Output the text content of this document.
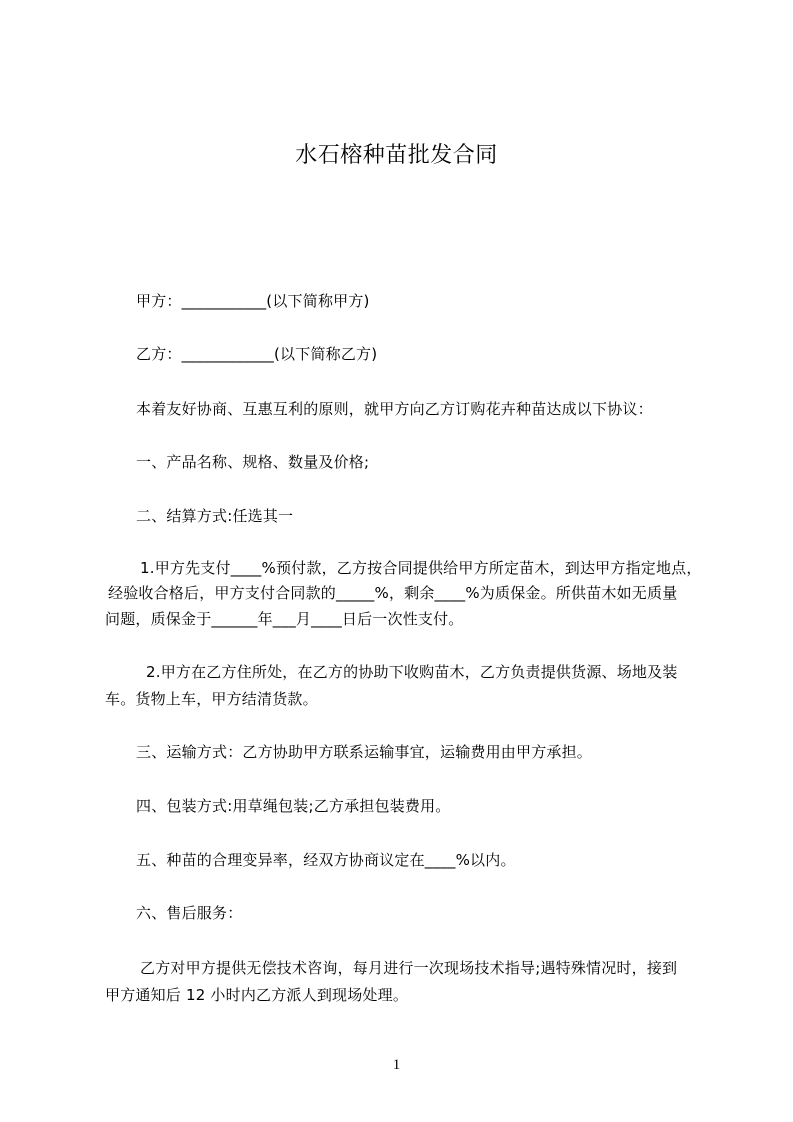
水石榕种苗批发合同
甲方：___________(以下简称甲方)
乙方：____________(以下简称乙方)
本着友好协商、互惠互利的原则，就甲方向乙方订购花卉种苗达成以下协议：
一、产品名称、规格、数量及价格;
二、结算方式:任选其一
1.甲方先支付____%预付款，乙方按合同提供给甲方所定苗木，到达甲方指定地点，
经验收合格后，甲方支付合同款的_____%，剩余____%为质保金。所供苗木如无质量
问题，质保金于______年___月____日后一次性支付。
2.甲方在乙方住所处，在乙方的协助下收购苗木，乙方负责提供货源、场地及装
车。货物上车，甲方结清货款。
三、运输方式：乙方协助甲方联系运输事宜，运输费用由甲方承担。
四、包装方式:用草绳包装;乙方承担包装费用。
五、种苗的合理变异率，经双方协商议定在____%以内。
六、售后服务：
乙方对甲方提供无偿技术咨询，每月进行一次现场技术指导;遇特殊情况时，接到
甲方通知后 12 小时内乙方派人到现场处理。
1
